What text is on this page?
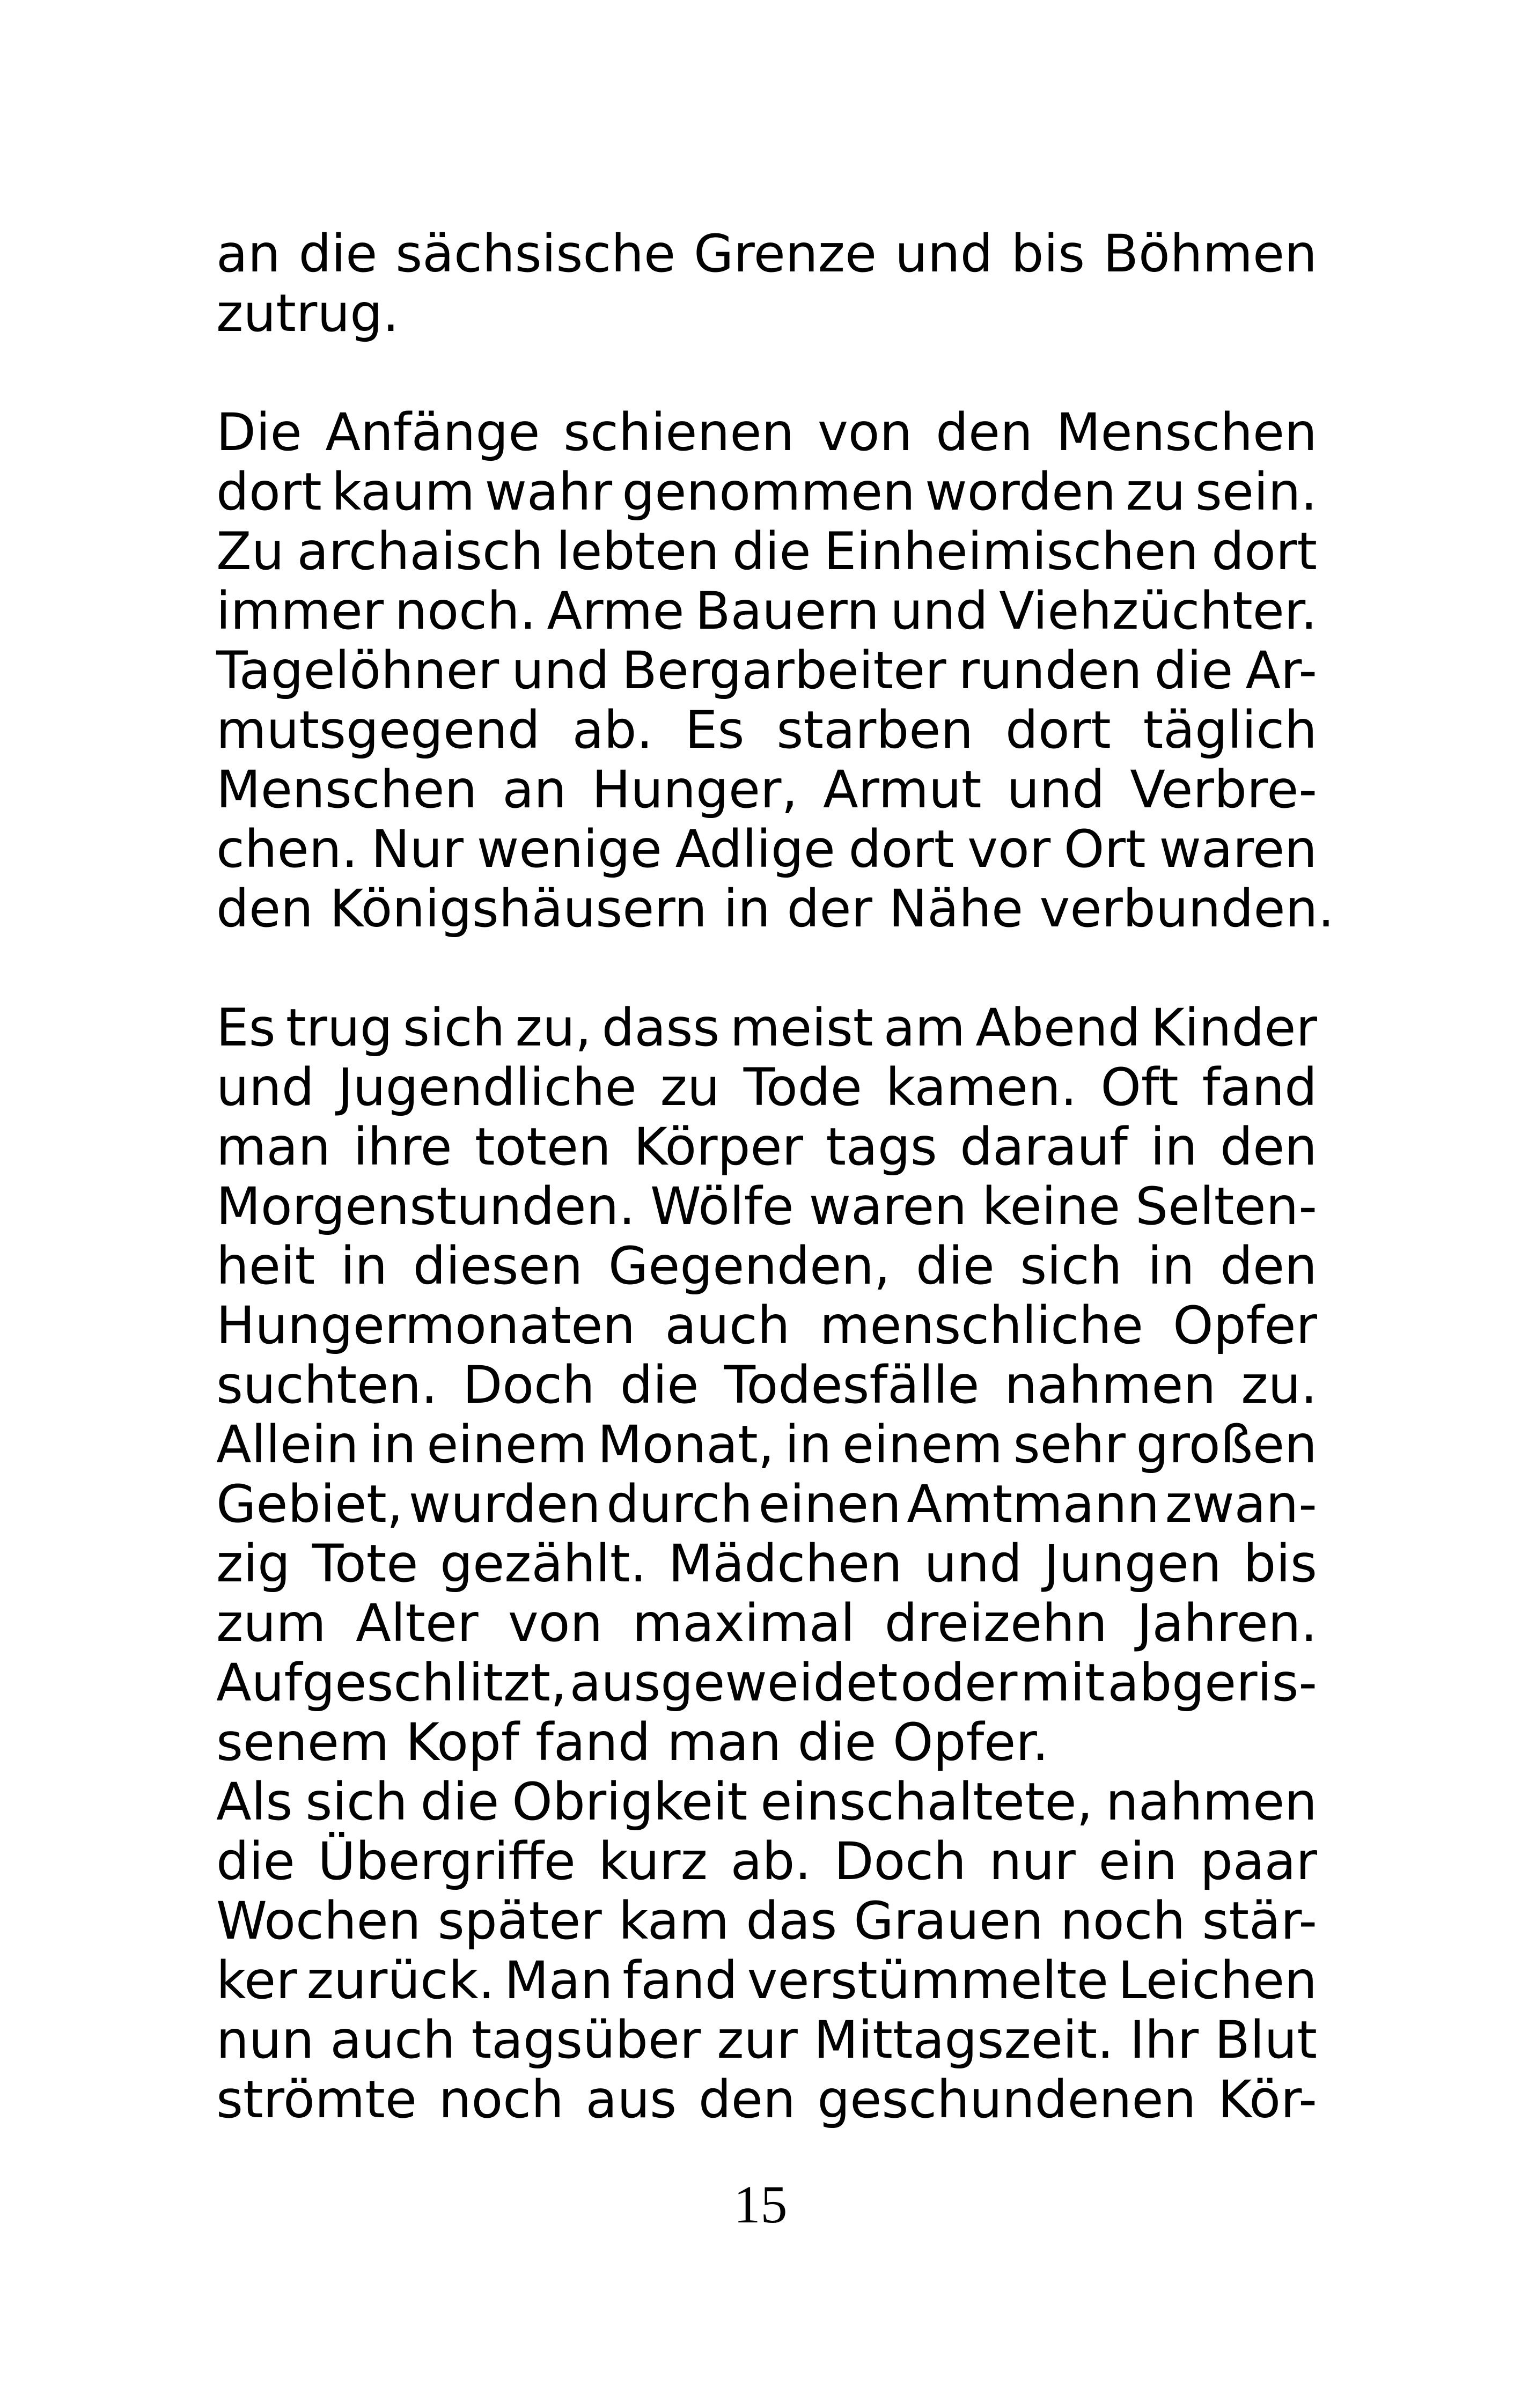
an die sächsische Grenze und bis Böhmen
zutrug.

Die Anfänge schienen von den Menschen
dort kaum wahr genommen worden zu sein.
Zu archaisch lebten die Einheimischen dort
immer noch. Arme Bauern und Viehzüchter.
Tagelöhner und Bergarbeiter runden die Ar-
mutsgegend ab. Es starben dort täglich
Menschen an Hunger, Armut und Verbre-
chen. Nur wenige Adlige dort vor Ort waren
den Königshäusern in der Nähe verbunden.

Es trug sich zu, dass meist am Abend Kinder
und Jugendliche zu Tode kamen. Oft fand
man ihre toten Körper tags darauf in den
Morgenstunden. Wölfe waren keine Selten-
heit in diesen Gegenden, die sich in den
Hungermonaten auch menschliche Opfer
suchten. Doch die Todesfälle nahmen zu.
Allein in einem Monat, in einem sehr großen
Gebiet, wurden durch einen Amtmann zwan-
zig Tote gezählt. Mädchen und Jungen bis
zum Alter von maximal dreizehn Jahren.
Aufgeschlitzt, ausgeweidet oder mit abgeris-
senem Kopf fand man die Opfer.

Als sich die Obrigkeit einschaltete, nahmen
die Übergriffe kurz ab. Doch nur ein paar
Wochen später kam das Grauen noch stär-
ker zurück. Man fand verstümmelte Leichen
nun auch tagsüber zur Mittagszeit. Ihr Blut
strömte noch aus den geschundenen Kör-

15
